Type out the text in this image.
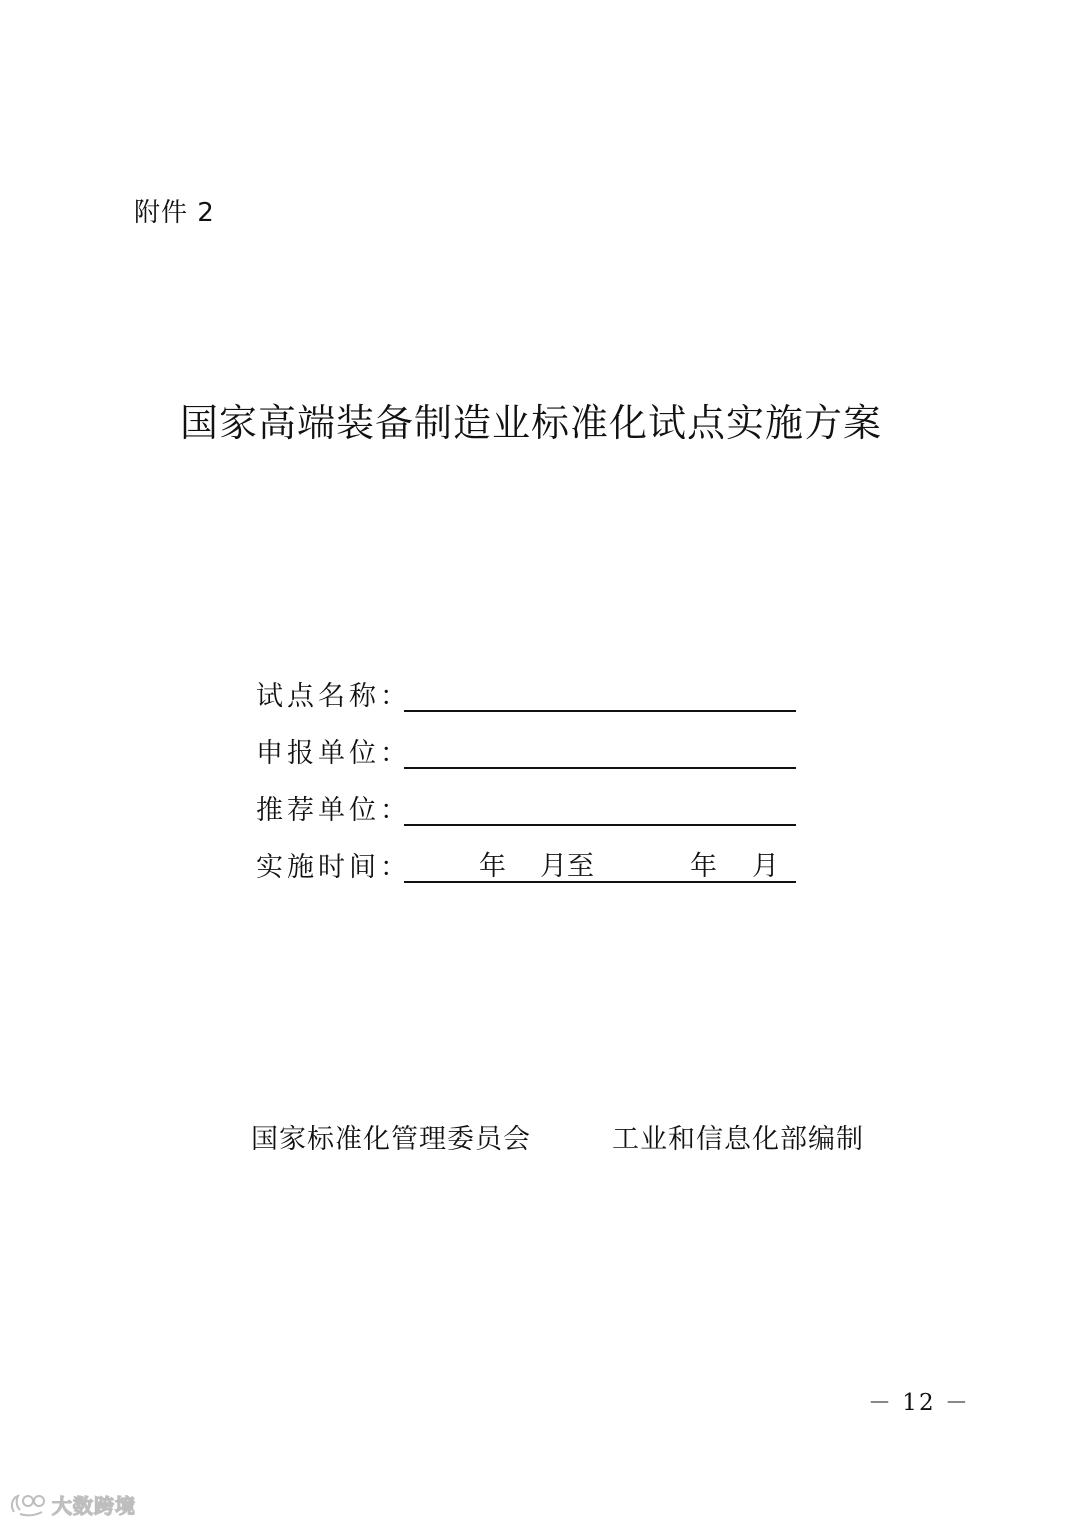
附件 2
国家高端装备制造业标准化试点实施方案
试点名称：
申报单位：
推荐单位：
实施时间：	年 月至	年 月
国家标准化管理委员会	工业和信息化部编制
－ 12 －
大数跨境
